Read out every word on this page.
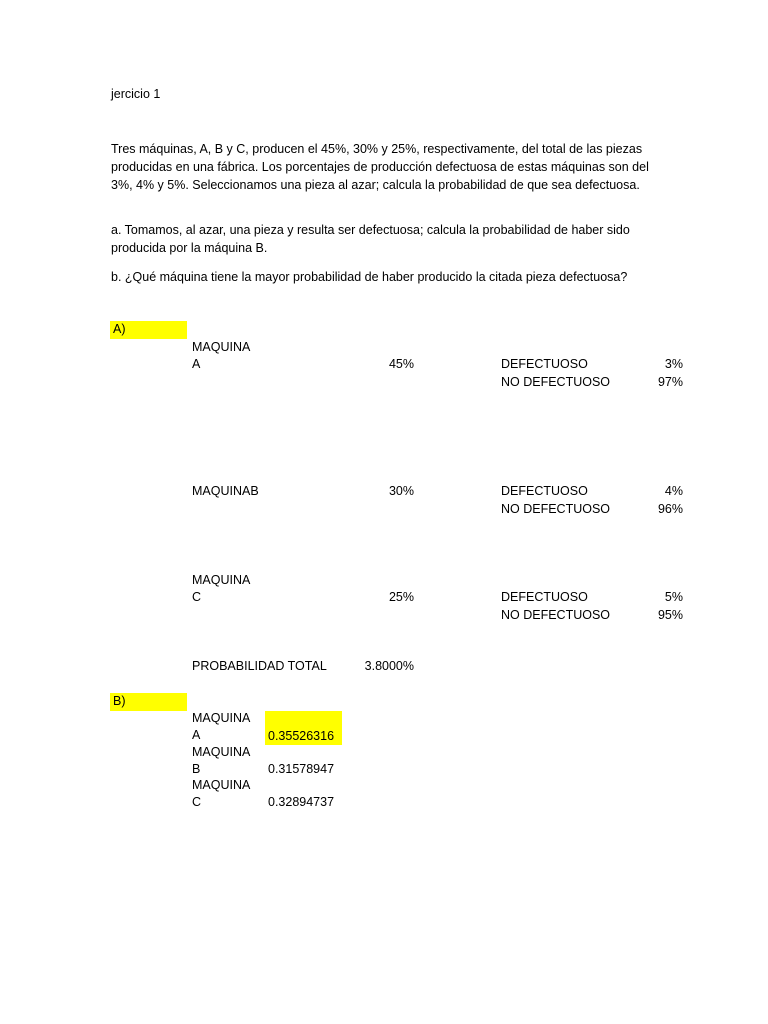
jercicio 1
Tres máquinas, A, B y C, producen el 45%, 30% y 25%, respectivamente, del total de las piezas producidas en una fábrica. Los porcentajes de producción defectuosa de estas máquinas son del 3%, 4% y 5%. Seleccionamos una pieza al azar; calcula la probabilidad de que sea defectuosa.
a. Tomamos, al azar, una pieza y resulta ser defectuosa; calcula la probabilidad de haber sido producida por la máquina B.
b. ¿Qué máquina tiene la mayor probabilidad de haber producido la citada pieza defectuosa?
A)
MAQUINA
A	45%	DEFECTUOSO	3%
NO DEFECTUOSO	97%
MAQUINAB	30%	DEFECTUOSO	4%
NO DEFECTUOSO	96%
MAQUINA
C	25%	DEFECTUOSO	5%
NO DEFECTUOSO	95%
PROBABILIDAD TOTAL	3.8000%
B)
MAQUINA
A	0.35526316
MAQUINA
B	0.31578947
MAQUINA
C	0.32894737
